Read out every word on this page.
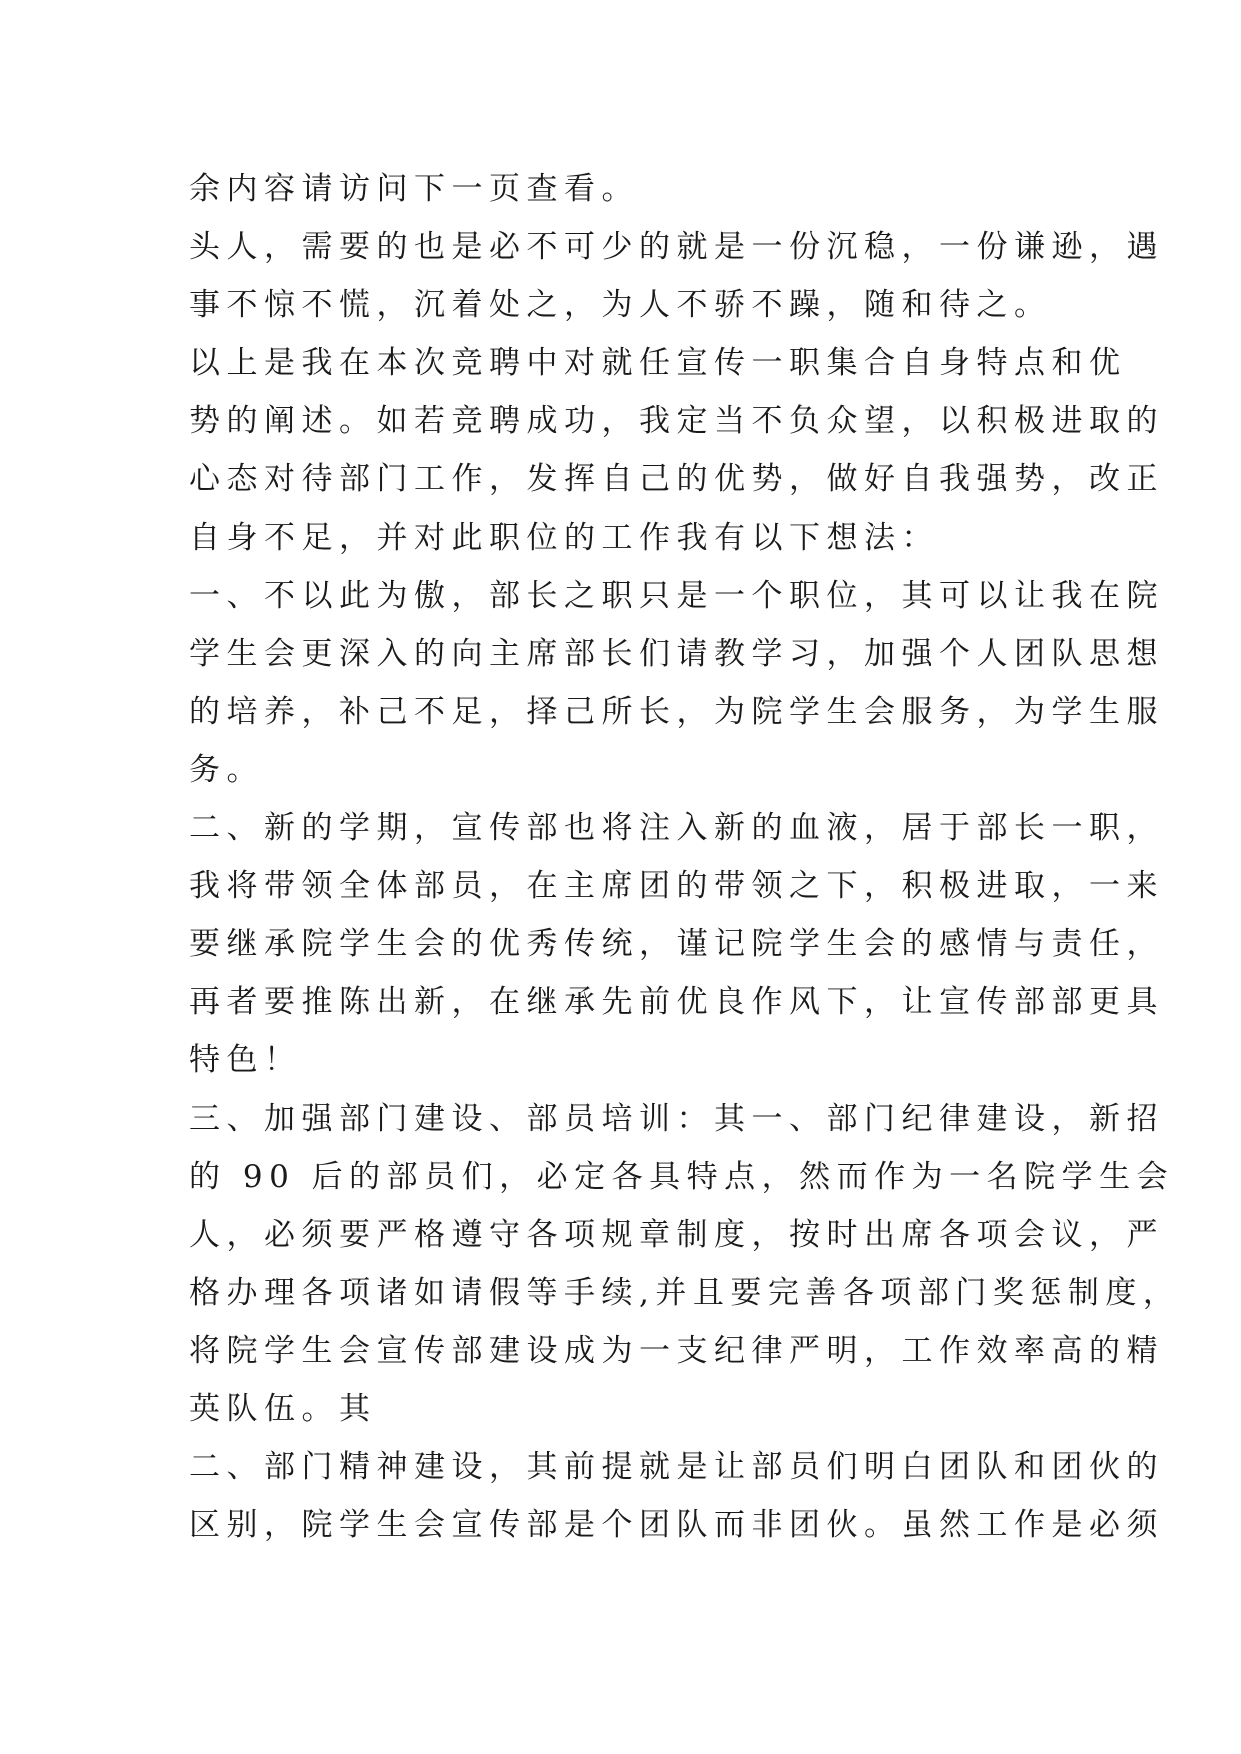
余内容请访问下一页查看。
头人，需要的也是必不可少的就是一份沉稳，一份谦逊，遇
事不惊不慌，沉着处之，为人不骄不躁，随和待之。
以上是我在本次竞聘中对就任宣传一职集合自身特点和优
势的阐述。如若竞聘成功，我定当不负众望，以积极进取的
心态对待部门工作，发挥自己的优势，做好自我强势，改正
自身不足，并对此职位的工作我有以下想法：
一、不以此为傲，部长之职只是一个职位，其可以让我在院
学生会更深入的向主席部长们请教学习，加强个人团队思想
的培养，补己不足，择己所长，为院学生会服务，为学生服
务。
二、新的学期，宣传部也将注入新的血液，居于部长一职，
我将带领全体部员，在主席团的带领之下，积极进取，一来
要继承院学生会的优秀传统，谨记院学生会的感情与责任，
再者要推陈出新，在继承先前优良作风下，让宣传部部更具
特色！
三、加强部门建设、部员培训：其一、部门纪律建设，新招
的 90 后的部员们，必定各具特点，然而作为一名院学生会
人，必须要严格遵守各项规章制度，按时出席各项会议，严
格办理各项诸如请假等手续,并且要完善各项部门奖惩制度，
将院学生会宣传部建设成为一支纪律严明，工作效率高的精
英队伍。其
二、部门精神建设，其前提就是让部员们明白团队和团伙的
区别，院学生会宣传部是个团队而非团伙。虽然工作是必须
